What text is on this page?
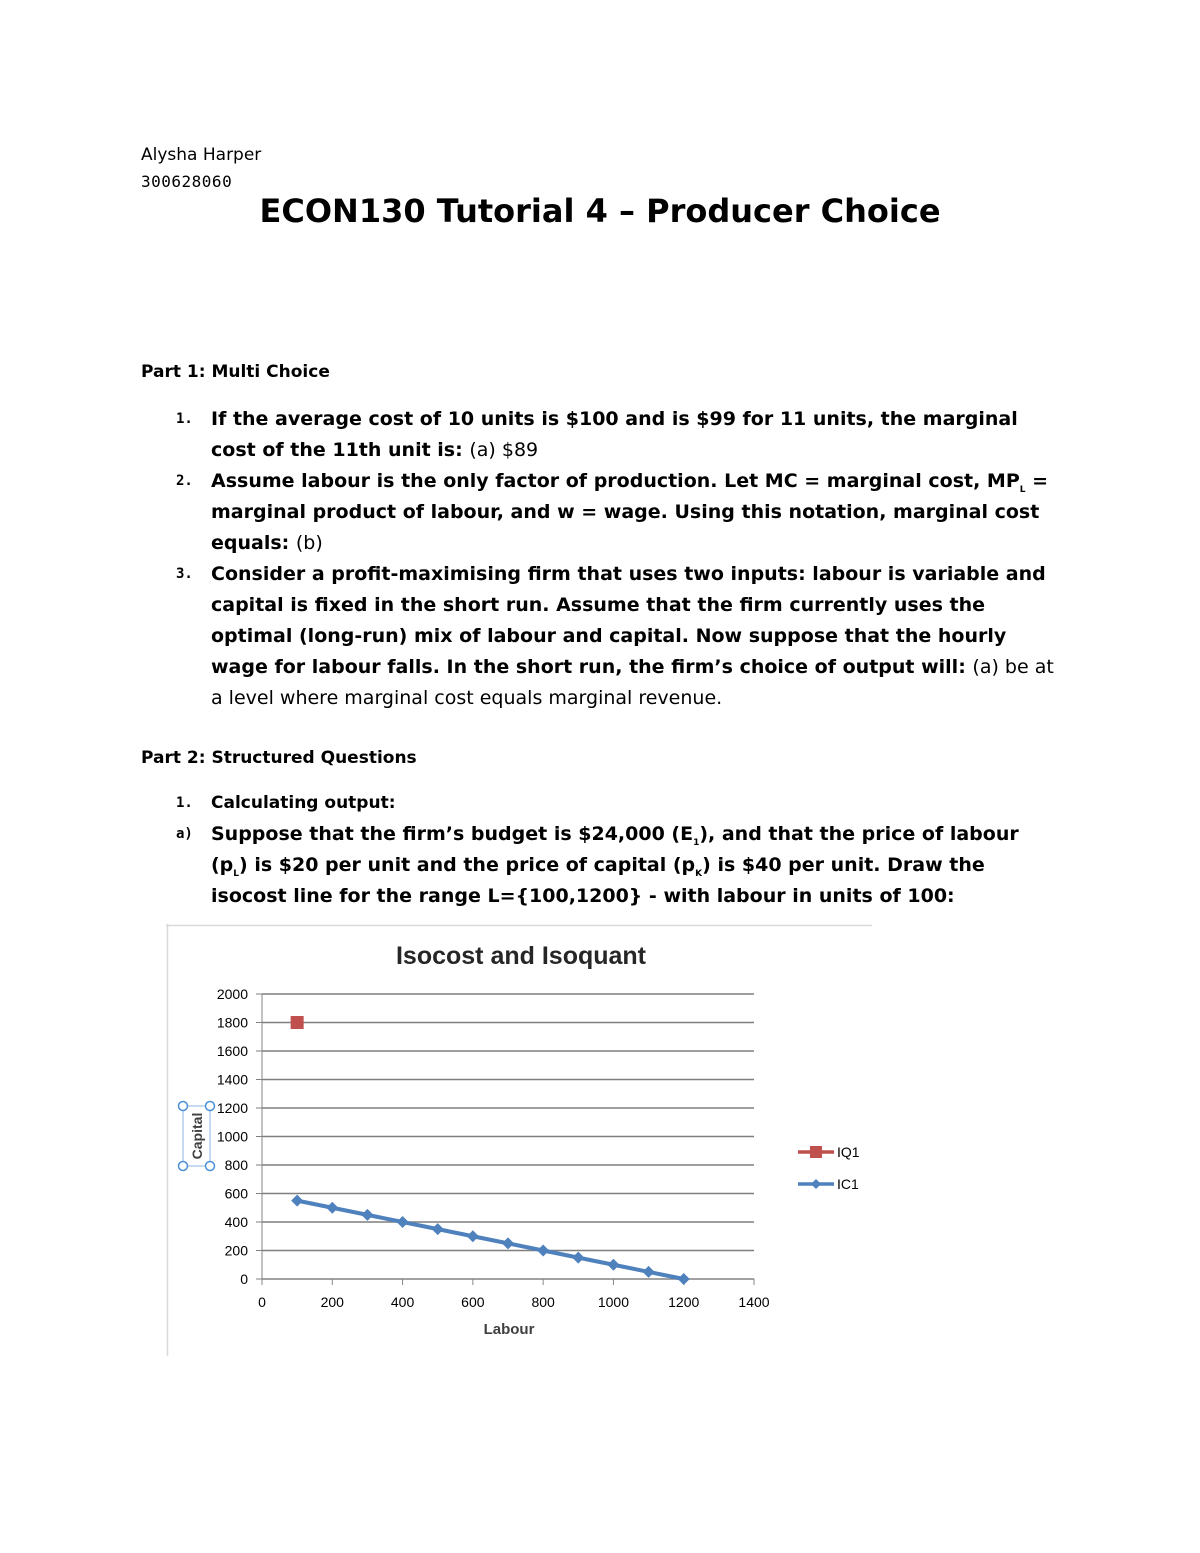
Alysha Harper
300628060
ECON130 Tutorial 4 – Producer Choice
Part 1: Multi Choice
1. If the average cost of 10 units is $100 and is $99 for 11 units, the marginal cost of the 11th unit is: (a) $89
2. Assume labour is the only factor of production. Let MC = marginal cost, $MP_L$ = marginal product of labour, and w = wage. Using this notation, marginal cost equals: (b)
3. Consider a profit-maximising firm that uses two inputs: labour is variable and capital is fixed in the short run. Assume that the firm currently uses the optimal (long-run) mix of labour and capital. Now suppose that the hourly wage for labour falls. In the short run, the firm’s choice of output will: (a) be at a level where marginal cost equals marginal revenue.
Part 2: Structured Questions
1. Calculating output:
a) Suppose that the firm’s budget is $24,000 $(E_1)$, and that the price of labour $(p_L)$ is $20 per unit and the price of capital $(p_K)$ is $40 per unit. Draw the isocost line for the range L={100,1200} - with labour in units of 100:
Isocost and Isoquant
0
200
400
600
800
1000
1200
1400
1600
1800
2000
0	200	400	600	800	1000	1200	1400
Labour
Capital	IQ1
IC1
